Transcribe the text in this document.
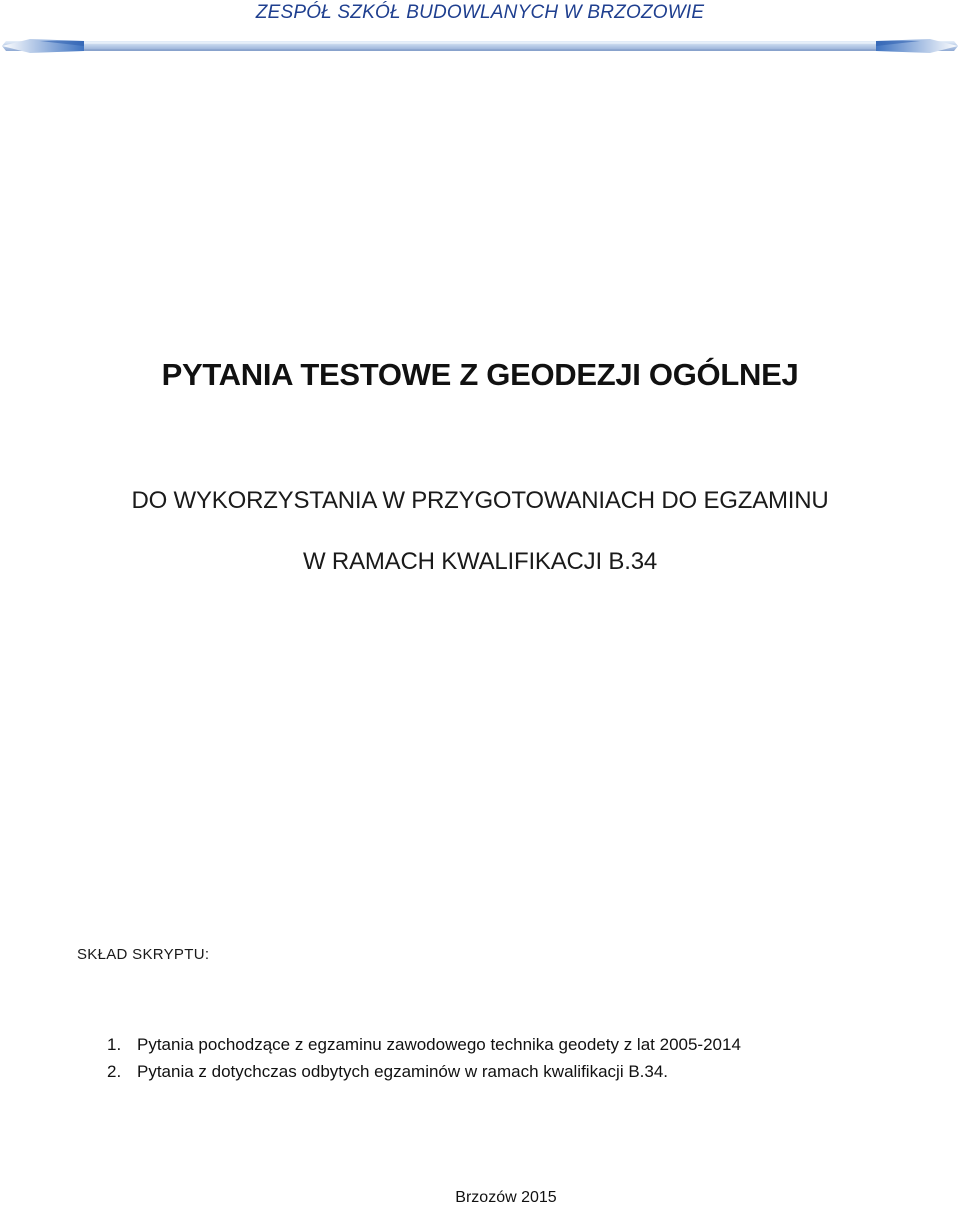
ZESPÓŁ SZKÓŁ BUDOWLANYCH W BRZOZOWIE
PYTANIA TESTOWE Z GEODEZJI OGÓLNEJ
DO WYKORZYSTANIA W PRZYGOTOWANIACH DO EGZAMINU
W RAMACH KWALIFIKACJI B.34
SKŁAD SKRYPTU:
1. Pytania pochodzące z egzaminu zawodowego technika geodety z lat 2005-2014
2. Pytania z dotychczas odbytych egzaminów w ramach kwalifikacji B.34.
Brzozów 2015
